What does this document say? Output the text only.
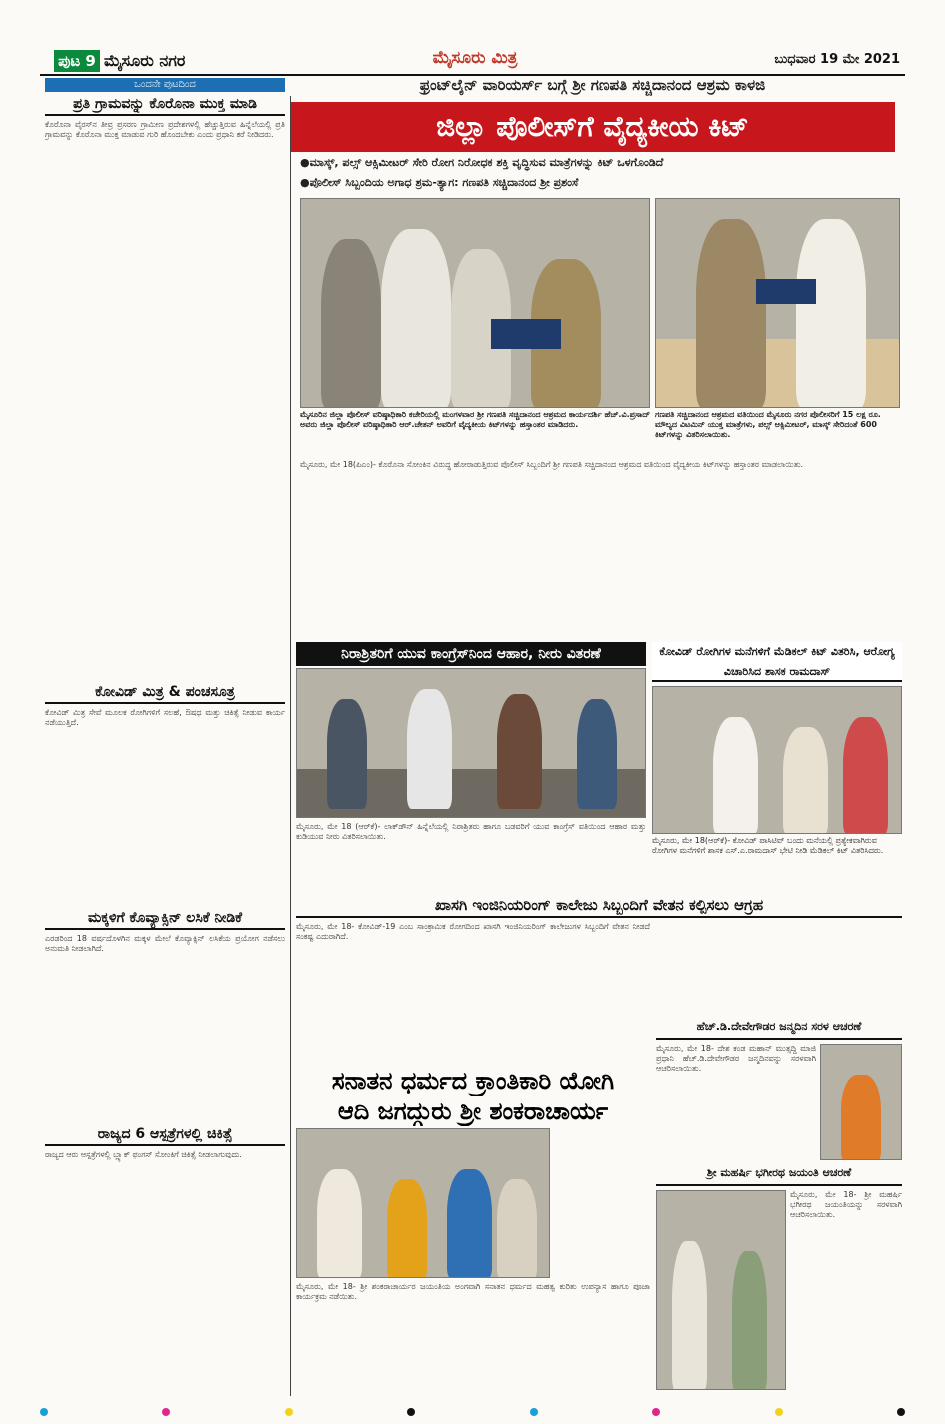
ಪುಟ 9 ಮೈಸೂರು ನಗರ	ಮೈಸೂರು ಮಿತ್ರ	ಬುಧವಾರ 19 ಮೇ 2021
ಒಂದನೇ ಪುಟದಿಂದ	ಫ್ರಂಟ್‌ಲೈನ್ ವಾರಿಯರ್ಸ್ ಬಗ್ಗೆ ಶ್ರೀ ಗಣಪತಿ ಸಚ್ಚಿದಾನಂದ ಆಶ್ರಮ ಕಾಳಜಿ
ಜಿಲ್ಲಾ ಪೊಲೀಸ್‌ಗೆ ವೈದ್ಯಕೀಯ ಕಿಟ್
●ಮಾಸ್ಕ್, ಪಲ್ಸ್ ಆಕ್ಸಿಮೀಟರ್ ಸೇರಿ ರೋಗ ನಿರೋಧಕ ಶಕ್ತಿ ವೃದ್ಧಿಸುವ ಮಾತ್ರೆಗಳನ್ನು ಕಿಟ್ ಒಳಗೊಂಡಿದೆ
●ಪೊಲೀಸ್ ಸಿಬ್ಬಂದಿಯ ಅಗಾಧ ಶ್ರಮ-ತ್ಯಾಗ: ಗಣಪತಿ ಸಚ್ಚಿದಾನಂದ ಶ್ರೀ ಪ್ರಶಂಸೆ
ಮೈಸೂರಿನ ಜಿಲ್ಲಾ ಪೊಲೀಸ್ ವರಿಷ್ಠಾಧಿಕಾರಿ ಕಚೇರಿಯಲ್ಲಿ ಮಂಗಳವಾರ ಶ್ರೀ ಗಣಪತಿ ಸಚ್ಚಿದಾನಂದ ಆಶ್ರಮದ ಕಾರ್ಯದರ್ಶಿ ಹೆಚ್.ವಿ.ಪ್ರಸಾದ್ ಅವರು ಜಿಲ್ಲಾ ಪೊಲೀಸ್ ವರಿಷ್ಠಾಧಿಕಾರಿ ಆರ್.ಚೇತನ್ ಅವರಿಗೆ ವೈದ್ಯಕೀಯ ಕಿಟ್‌ಗಳನ್ನು ಹಸ್ತಾಂತರ ಮಾಡಿದರು.
ಗಣಪತಿ ಸಚ್ಚಿದಾನಂದ ಆಶ್ರಮದ ವತಿಯಿಂದ ಮೈಸೂರು ನಗರ ಪೊಲೀಸರಿಗೆ 15 ಲಕ್ಷ ರೂ. ಮೌಲ್ಯದ ವಿಟಮಿನ್ ಯುಕ್ತ ಮಾತ್ರೆಗಳು, ಪಲ್ಸ್ ಆಕ್ಸಿಮೀಟರ್, ಮಾಸ್ಕ್ ಸೇರಿದಂತೆ 600 ಕಿಟ್‌ಗಳನ್ನು ವಿತರಿಸಲಾಯಿತು.

ಮೈಸೂರು, ಮೇ 18(ಪಿಎಂ)- ಕೊರೊನಾ ಸೋಂಕಿನ ವಿರುದ್ಧ ಹೋರಾಡುತ್ತಿರುವ ಪೊಲೀಸ್ ಸಿಬ್ಬಂದಿಗೆ ಶ್ರೀ ಗಣಪತಿ ಸಚ್ಚಿದಾನಂದ ಆಶ್ರಮದ ವತಿಯಿಂದ ವೈದ್ಯಕೀಯ ಕಿಟ್‌ಗಳನ್ನು ಹಸ್ತಾಂತರ ಮಾಡಲಾಯಿತು.

ಪ್ರತಿ ಗ್ರಾಮವನ್ನು ಕೊರೊನಾ ಮುಕ್ತ ಮಾಡಿ

ಕೊರೊನಾ ವೈರಸ್‌ನ ತೀವ್ರ ಪ್ರಸರಣ ಗ್ರಾಮೀಣ ಪ್ರದೇಶಗಳಲ್ಲಿ ಹೆಚ್ಚುತ್ತಿರುವ ಹಿನ್ನೆಲೆಯಲ್ಲಿ ಪ್ರತಿ ಗ್ರಾಮವನ್ನು ಕೊರೊನಾ ಮುಕ್ತ ಮಾಡುವ ಗುರಿ ಹೊಂದಬೇಕು ಎಂದು ಪ್ರಧಾನಿ ಕರೆ ನೀಡಿದರು.

ಕೋವಿಡ್ ಮಿತ್ರ & ಪಂಚಸೂತ್ರ

ಕೋವಿಡ್ ಮಿತ್ರ ಸೇವೆ ಮೂಲಕ ರೋಗಿಗಳಿಗೆ ಸಲಹೆ, ಔಷಧ ಮತ್ತು ಚಿಕಿತ್ಸೆ ನೀಡುವ ಕಾರ್ಯ ನಡೆಯುತ್ತಿದೆ.

ಮಕ್ಕಳಿಗೆ ಕೊವ್ಯಾಕ್ಸಿನ್ ಲಸಿಕೆ ನೀಡಿಕೆ

ಎರಡರಿಂದ 18 ವರ್ಷದೊಳಗಿನ ಮಕ್ಕಳ ಮೇಲೆ ಕೊವ್ಯಾಕ್ಸಿನ್ ಲಸಿಕೆಯ ಪ್ರಯೋಗ ನಡೆಸಲು ಅನುಮತಿ ನೀಡಲಾಗಿದೆ.

ರಾಜ್ಯದ 6 ಆಸ್ಪತ್ರೆಗಳಲ್ಲಿ ಚಿಕಿತ್ಸೆ

ರಾಜ್ಯದ ಆರು ಆಸ್ಪತ್ರೆಗಳಲ್ಲಿ ಬ್ಲ್ಯಾಕ್ ಫಂಗಸ್ ಸೋಂಕಿಗೆ ಚಿಕಿತ್ಸೆ ನೀಡಲಾಗುವುದು.

ನಿರಾಶ್ರಿತರಿಗೆ ಯುವ ಕಾಂಗ್ರೆಸ್‌ನಿಂದ ಆಹಾರ, ನೀರು ವಿತರಣೆ

ಮೈಸೂರು, ಮೇ 18 (ಆರ್‌ಕೆ)- ಲಾಕ್‌ಡೌನ್ ಹಿನ್ನೆಲೆಯಲ್ಲಿ ನಿರಾಶ್ರಿತರು ಹಾಗೂ ಬಡವರಿಗೆ ಯುವ ಕಾಂಗ್ರೆಸ್ ವತಿಯಿಂದ ಆಹಾರ ಮತ್ತು ಕುಡಿಯುವ ನೀರು ವಿತರಿಸಲಾಯಿತು.

ಕೋವಿಡ್ ರೋಗಿಗಳ ಮನೆಗಳಿಗೆ ಮೆಡಿಕಲ್ ಕಿಟ್ ವಿತರಿಸಿ, ಆರೋಗ್ಯ ವಿಚಾರಿಸಿದ ಶಾಸಕ ರಾಮದಾಸ್
ಮೈಸೂರು, ಮೇ 18(ಆರ್‌ಕೆ)- ಕೋವಿಡ್ ಪಾಸಿಟಿವ್ ಬಂದು ಮನೆಯಲ್ಲಿ ಪ್ರತ್ಯೇಕವಾಗಿರುವ ರೋಗಿಗಳ ಮನೆಗಳಿಗೆ ಶಾಸಕ ಎಸ್.ಎ.ರಾಮದಾಸ್ ಭೇಟಿ ನೀಡಿ ಮೆಡಿಕಲ್ ಕಿಟ್ ವಿತರಿಸಿದರು.
ಖಾಸಗಿ ಇಂಜಿನಿಯರಿಂಗ್ ಕಾಲೇಜು ಸಿಬ್ಬಂದಿಗೆ ವೇತನ ಕಲ್ಪಿಸಲು ಆಗ್ರಹ

ಮೈಸೂರು, ಮೇ 18- ಕೋವಿಡ್-19 ಎಂಬ ಸಾಂಕ್ರಾಮಿಕ ರೋಗದಿಂದ ಖಾಸಗಿ ಇಂಜಿನಿಯರಿಂಗ್ ಕಾಲೇಜುಗಳ ಸಿಬ್ಬಂದಿಗೆ ವೇತನ ನೀಡದೆ ಸಂಕಷ್ಟ ಎದುರಾಗಿದೆ.

ಹೆಚ್.ಡಿ.ದೇವೇಗೌಡರ ಜನ್ಮದಿನ ಸರಳ ಆಚರಣೆ

ಮೈಸೂರು, ಮೇ 18- ದೇಶ ಕಂಡ ಮಹಾನ್ ಮುತ್ಸದ್ದಿ ಮಾಜಿ ಪ್ರಧಾನಿ ಹೆಚ್.ಡಿ.ದೇವೇಗೌಡರ ಜನ್ಮದಿನವನ್ನು ಸರಳವಾಗಿ ಆಚರಿಸಲಾಯಿತು.

ಸನಾತನ ಧರ್ಮದ ಕ್ರಾಂತಿಕಾರಿ ಯೋಗಿ
ಆದಿ ಜಗದ್ಗುರು ಶ್ರೀ ಶಂಕರಾಚಾರ್ಯ

ಮೈಸೂರು, ಮೇ 18- ಶ್ರೀ ಶಂಕರಾಚಾರ್ಯರ ಜಯಂತಿಯ ಅಂಗವಾಗಿ ಸನಾತನ ಧರ್ಮದ ಮಹತ್ವ ಕುರಿತು ಉಪನ್ಯಾಸ ಹಾಗೂ ಪೂಜಾ ಕಾರ್ಯಕ್ರಮ ನಡೆಯಿತು.

ಶ್ರೀ ಮಹರ್ಷಿ ಭಗೀರಥ ಜಯಂತಿ ಆಚರಣೆ

ಮೈಸೂರು, ಮೇ 18- ಶ್ರೀ ಮಹರ್ಷಿ ಭಗೀರಥ ಜಯಂತಿಯನ್ನು ಸರಳವಾಗಿ ಆಚರಿಸಲಾಯಿತು.
